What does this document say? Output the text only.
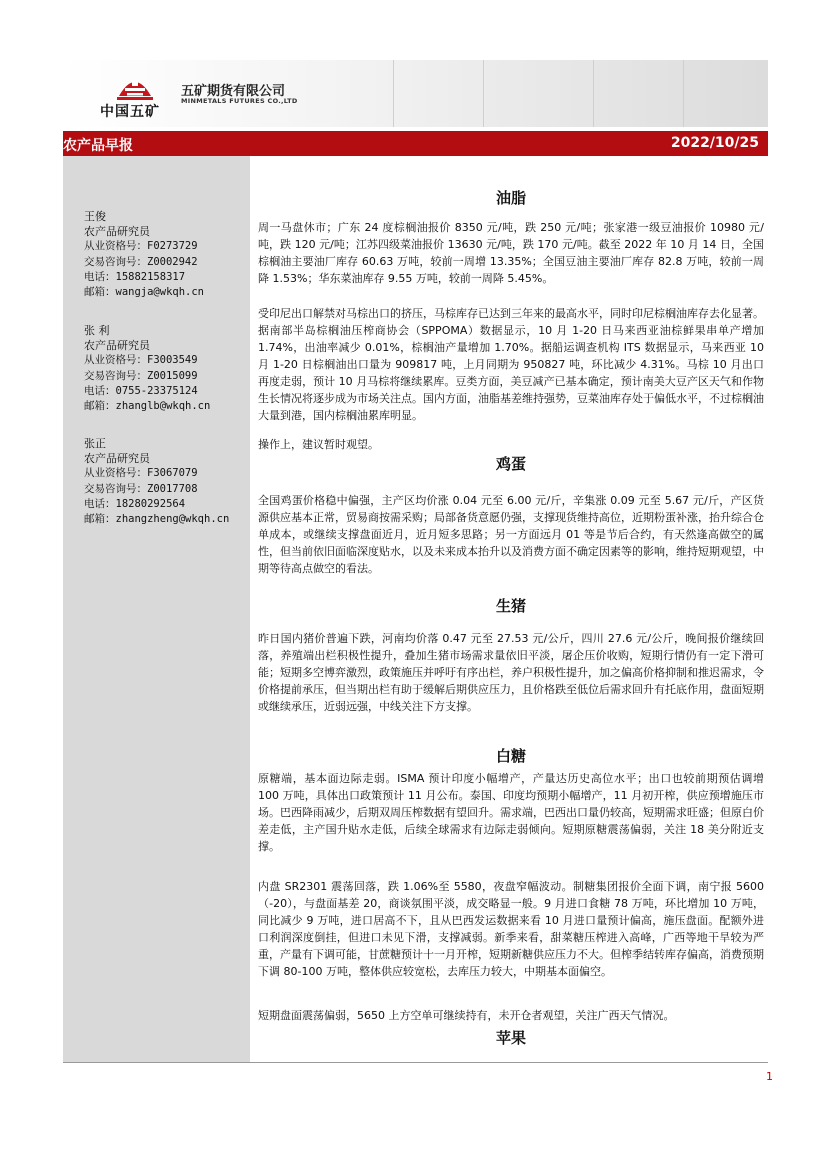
中国五矿
五矿期货有限公司
MINMETALS FUTURES CO.,LTD
农产品早报	2022/10/25
王俊
农产品研究员
从业资格号：F0273729
交易咨询号：Z0002942
电话：15882158317
邮箱：wangja@wkqh.cn
张 利
农产品研究员
从业资格号：F3003549
交易咨询号：Z0015099
电话：0755-23375124
邮箱：zhanglb@wkqh.cn
张正
农产品研究员
从业资格号：F3067079
交易咨询号：Z0017708
电话：18280292564
邮箱：zhangzheng@wkqh.cn
油脂

周一马盘休市；广东 24 度棕榈油报价 8350 元/吨，跌 250 元/吨；张家港一级豆油报价 10980 元/吨，跌 120 元/吨；江苏四级菜油报价 13630 元/吨，跌 170 元/吨。截至 2022 年 10 月 14 日，全国棕榈油主要油厂库存 60.63 万吨，较前一周增 13.35%；全国豆油主要油厂库存 82.8 万吨，较前一周降 1.53%；华东菜油库存 9.55 万吨，较前一周降 5.45%。

受印尼出口解禁对马棕出口的挤压，马棕库存已达到三年来的最高水平，同时印尼棕榈油库存去化显著。据南部半岛棕榈油压榨商协会（SPPOMA）数据显示，10 月 1-20 日马来西亚油棕鲜果串单产增加 1.74%，出油率减少 0.01%，棕榈油产量增加 1.70%。据船运调查机构 ITS 数据显示，马来西亚 10 月 1-20 日棕榈油出口量为 909817 吨，上月同期为 950827 吨，环比减少 4.31%。马棕 10 月出口再度走弱，预计 10 月马棕将继续累库。豆类方面，美豆减产已基本确定，预计南美大豆产区天气和作物生长情况将逐步成为市场关注点。国内方面，油脂基差维持强势，豆菜油库存处于偏低水平，不过棕榈油大量到港，国内棕榈油累库明显。

操作上，建议暂时观望。

鸡蛋

全国鸡蛋价格稳中偏强，主产区均价涨 0.04 元至 6.00 元/斤，辛集涨 0.09 元至 5.67 元/斤，产区货源供应基本正常，贸易商按需采购；局部备货意愿仍强，支撑现货维持高位，近期粉蛋补涨，抬升综合仓单成本，或继续支撑盘面近月，近月短多思路；另一方面远月 01 等是节后合约，有天然逢高做空的属性，但当前依旧面临深度贴水，以及未来成本抬升以及消费方面不确定因素等的影响，维持短期观望，中期等待高点做空的看法。

生猪

昨日国内猪价普遍下跌，河南均价落 0.47 元至 27.53 元/公斤，四川 27.6 元/公斤，晚间报价继续回落，养殖端出栏积极性提升，叠加生猪市场需求量依旧平淡，屠企压价收购，短期行情仍有一定下滑可能；短期多空博弈激烈，政策施压并呼吁有序出栏，养户积极性提升，加之偏高价格抑制和推迟需求，令价格提前承压，但当期出栏有助于缓解后期供应压力，且价格跌至低位后需求回升有托底作用，盘面短期或继续承压，近弱远强，中线关注下方支撑。

白糖

原糖端，基本面边际走弱。ISMA 预计印度小幅增产，产量达历史高位水平；出口也较前期预估调增 100 万吨，具体出口政策预计 11 月公布。泰国、印度均预期小幅增产，11 月初开榨，供应预增施压市场。巴西降雨减少，后期双周压榨数据有望回升。需求端，巴西出口量仍较高，短期需求旺盛；但原白价差走低，主产国升贴水走低，后续全球需求有边际走弱倾向。短期原糖震荡偏弱，关注 18 美分附近支撑。

内盘 SR2301 震荡回落，跌 1.06%至 5580，夜盘窄幅波动。制糖集团报价全面下调，南宁报 5600（-20），与盘面基差 20，商谈氛围平淡，成交略显一般。9 月进口食糖 78 万吨，环比增加 10 万吨，同比减少 9 万吨，进口居高不下，且从巴西发运数据来看 10 月进口量预计偏高，施压盘面。配额外进口利润深度倒挂，但进口未见下滑，支撑减弱。新季来看，甜菜糖压榨进入高峰，广西等地干旱较为严重，产量有下调可能，甘蔗糖预计十一月开榨，短期新糖供应压力不大。但榨季结转库存偏高，消费预期下调 80-100 万吨，整体供应较宽松，去库压力较大，中期基本面偏空。

短期盘面震荡偏弱，5650 上方空单可继续持有，未开仓者观望，关注广西天气情况。

苹果
1
